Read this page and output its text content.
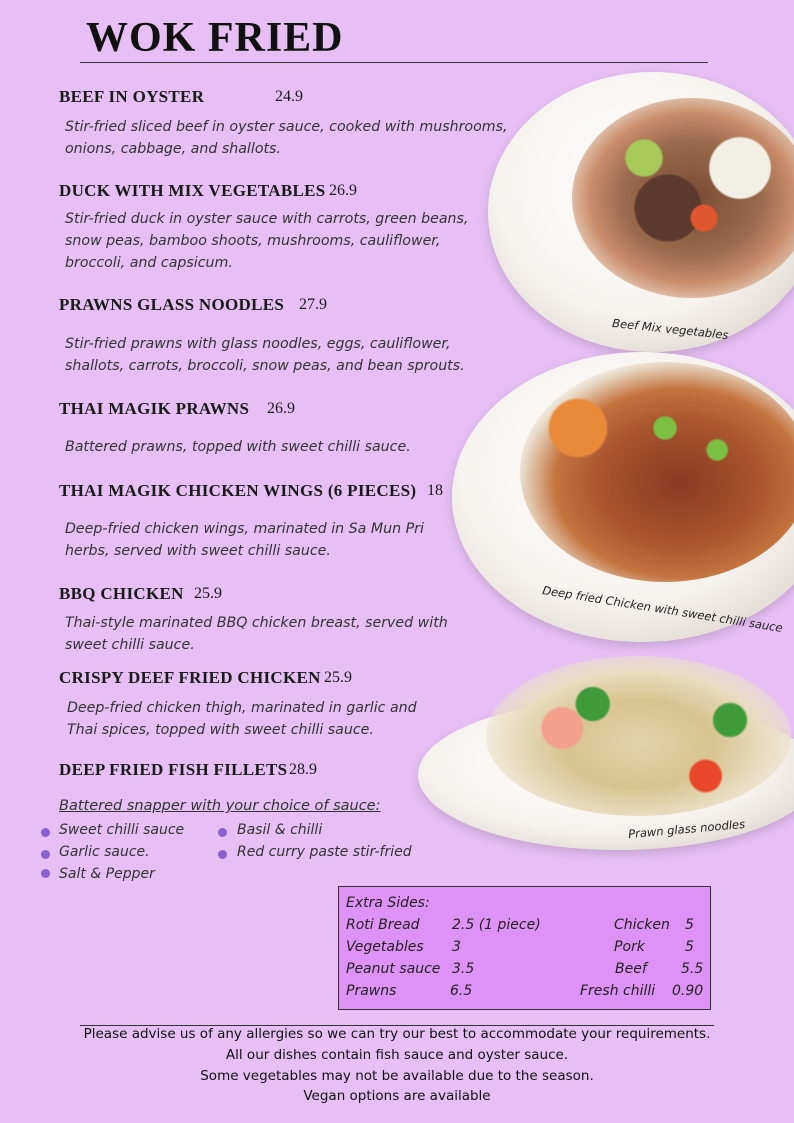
WOK FRIED
Beef Mix vegetables
Deep fried Chicken with sweet chilli sauce
Prawn glass noodles
BEEF IN OYSTER	24.9
Stir-fried sliced beef in oyster sauce, cooked with mushrooms,
onions, cabbage, and shallots.
DUCK WITH MIX VEGETABLES 26.9
Stir-fried duck in oyster sauce with carrots, green beans,
snow peas, bamboo shoots, mushrooms, cauliflower,
broccoli, and capsicum.
PRAWNS GLASS NOODLES 27.9
Stir-fried prawns with glass noodles, eggs, cauliflower,
shallots, carrots, broccoli, snow peas, and bean sprouts.
THAI MAGIK PRAWNS 26.9
Battered prawns, topped with sweet chilli sauce.
THAI MAGIK CHICKEN WINGS (6 PIECES) 18
Deep-fried chicken wings, marinated in Sa Mun Pri
herbs, served with sweet chilli sauce.
BBQ CHICKEN 25.9
Thai-style marinated BBQ chicken breast, served with
sweet chilli sauce.
CRISPY DEEF FRIED CHICKEN 25.9
Deep-fried chicken thigh, marinated in garlic and
Thai spices, topped with sweet chilli sauce.
DEEP FRIED FISH FILLETS 28.9
Battered snapper with your choice of sauce:
Sweet chilli sauce
Garlic sauce.
Salt & Pepper
Basil & chilli
Red curry paste stir-fried
Extra Sides:
Roti Bread 2.5 (1 piece)
Vegetables 3
Peanut sauce 3.5
Prawns	6.5
Chicken 5
Pork	5
Beef 5.5
Fresh chilli 0.90
Please advise us of any allergies so we can try our best to accommodate your requirements.
All our dishes contain fish sauce and oyster sauce.
Some vegetables may not be available due to the season.
Vegan options are available
